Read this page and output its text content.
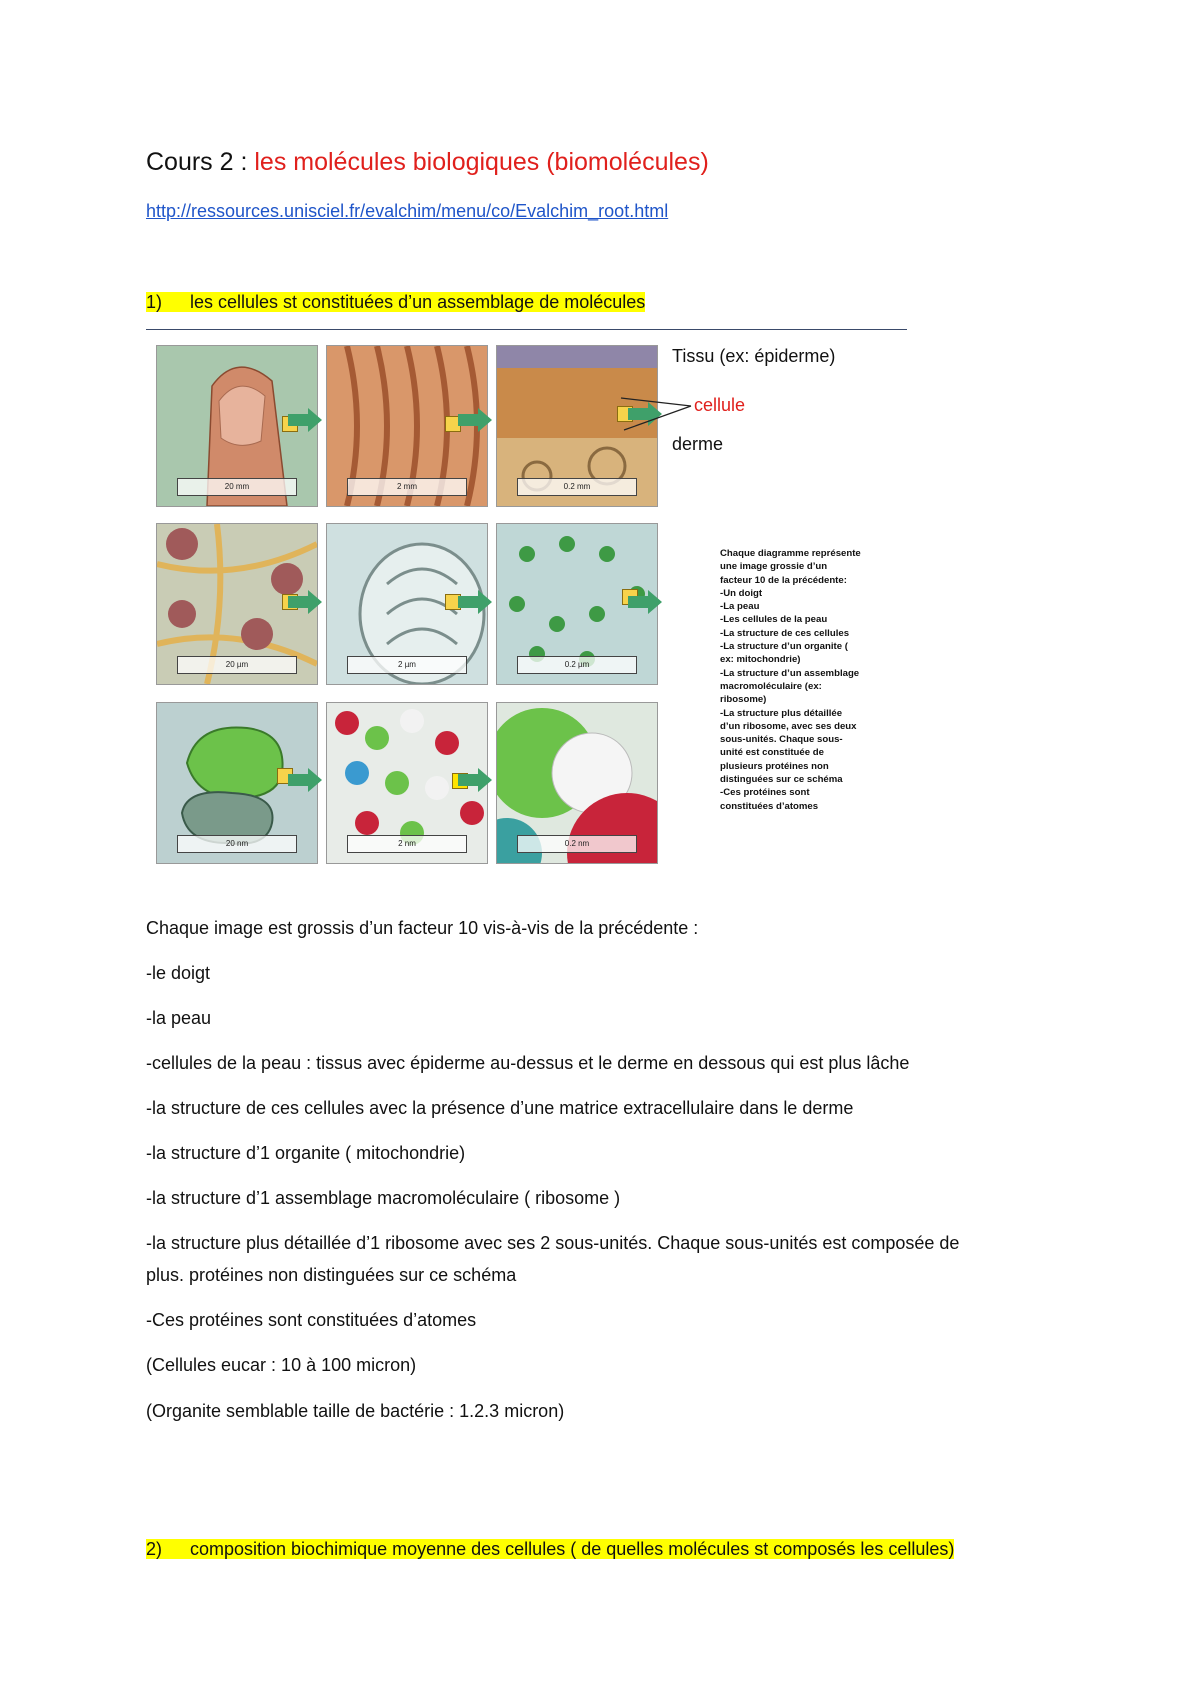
Cours 2 : les molécules biologiques (biomolécules)
http://ressources.unisciel.fr/evalchim/menu/co/Evalchim_root.html
1) les cellules st constituées d’un assemblage de molécules
20 mm	2 mm	0.2 mm
Tissu (ex: épiderme)
cellule
derme
20 µm	2 µm	0.2 µm
Chaque diagramme représente
une image grossie d’un
facteur 10 de la précédente:
-Un doigt
-La peau
-Les cellules de la peau
-La structure de ces cellules
-La structure d’un organite (
ex: mitochondrie)
-La structure d’un assemblage
macromoléculaire (ex:
ribosome)
-La structure plus détaillée
d’un ribosome, avec ses deux
sous-unités. Chaque sous-
unité est constituée de
plusieurs protéines non
distinguées sur ce schéma
-Ces protéines sont
constituées d’atomes
20 nm	2 nm	0.2 nm
Chaque image est grossis d’un facteur 10 vis-à-vis de la précédente :
-le doigt
-la peau
-cellules de la peau : tissus avec épiderme au-dessus et le derme en dessous qui est plus lâche
-la structure de ces cellules avec la présence d’une matrice extracellulaire dans le derme
-la structure d’1 organite ( mitochondrie)
-la structure d’1 assemblage macromoléculaire ( ribosome )
-la structure plus détaillée d’1 ribosome avec ses 2 sous-unités. Chaque sous-unités est composée de
plus. protéines non distinguées sur ce schéma
-Ces protéines sont constituées d’atomes
(Cellules eucar : 10 à 100 micron)
(Organite semblable taille de bactérie : 1.2.3 micron)
2) composition biochimique moyenne des cellules ( de quelles molécules st composés les cellules)
